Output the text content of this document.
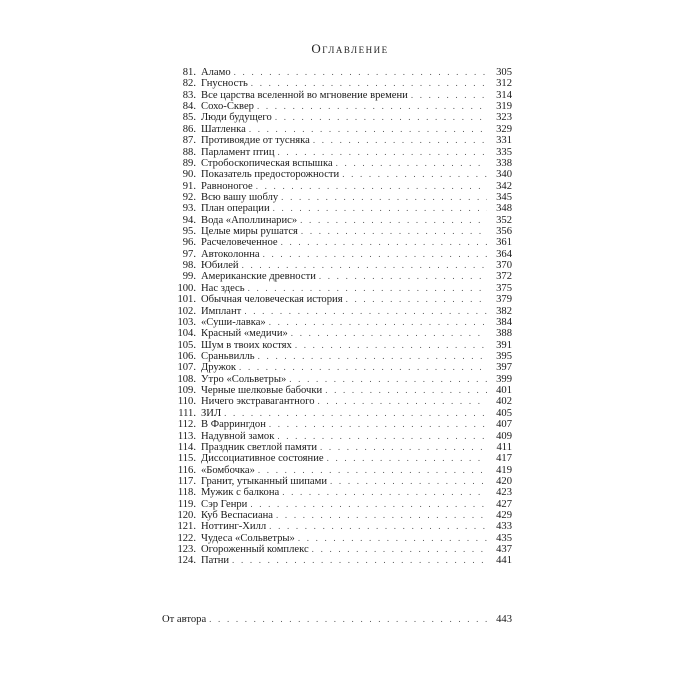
Оглавление
81. Аламо . . .	305
82. Гнусность . . .	312
83. Все царства вселенной во мгновение времени . . .	314
84. Сохо-Сквер . . .	319
85. Люди будущего . . .	323
86. Шатленка . . .	329
87. Противоядие от тусняка . . .	331
88. Парламент птиц . . .	335
89. Стробоскопическая вспышка . . .	338
90. Показатель предосторожности . . .	340
91. Равноногое . . .	342
92. Всю вашу шоблу . . .	345
93. План операции . . .	348
94. Вода «Аполлинарис» . . .	352
95. Целые миры рушатся . . .	356
96. Расчеловеченное . . .	361
97. Автоколонна . . .	364
98. Юбилей . . .	370
99. Американские древности . . .	372
100. Нас здесь . . .	375
101. Обычная человеческая история . . .	379
102. Имплант . . .	382
103. «Суши-лавка» . . .	384
104. Красный «медичи» . . .	388
105. Шум в твоих костях . . .	391
106. Сраньвилль . . .	395
107. Дружок . . .	397
108. Утро «Сольветры» . . .	399
109. Черные шелковые бабочки . . .	401
110. Ничего экстравагантного . . .	402
111. ЗИЛ . . .	405
112. В Фаррингдон . . .	407
113. Надувной замок . . .	409
114. Праздник светлой памяти . . .	411
115. Диссоциативное состояние . . .	417
116. «Бомбочка» . . .	419
117. Гранит, утыканный шипами . . .	420
118. Мужик с балкона . . .	423
119. Сэр Генри . . .	427
120. Куб Веспасиана . . .	429
121. Ноттинг-Хилл . . .	433
122. Чудеса «Сольветры» . . .	435
123. Огороженный комплекс . . .	437
124. Патни . . .	441
От автора . . .	443
